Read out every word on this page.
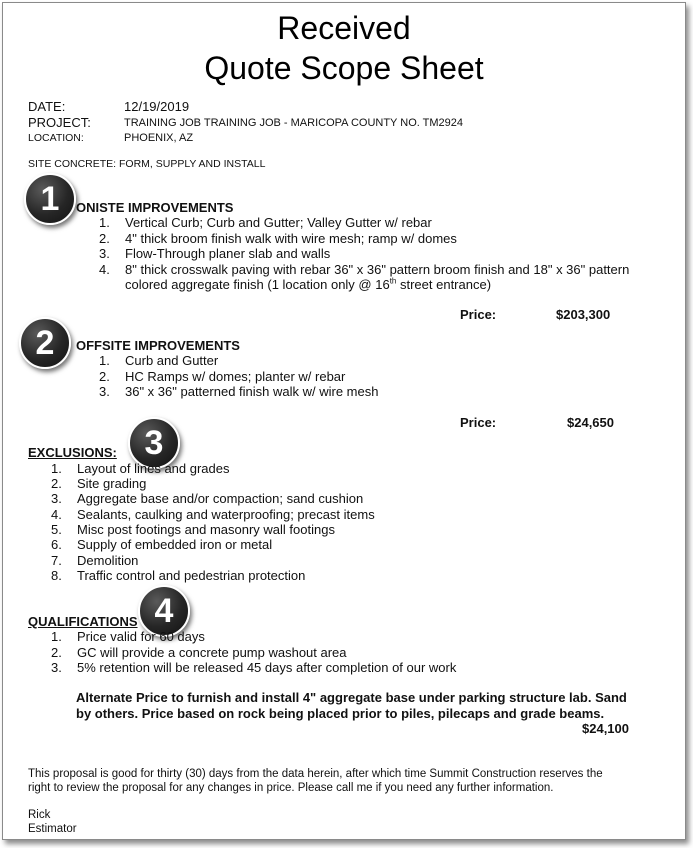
Received
Quote Scope Sheet
DATE:	12/19/2019
PROJECT:	TRAINING JOB TRAINING JOB - MARICOPA COUNTY NO. TM2924
LOCATION:	PHOENIX, AZ
SITE CONCRETE: FORM, SUPPLY AND INSTALL
1	ONISTE IMPROVEMENTS
1. Vertical Curb; Curb and Gutter; Valley Gutter w/ rebar
2. 4" thick broom finish walk with wire mesh; ramp w/ domes
3. Flow-Through planer slab and walls
4. 8" thick crosswalk paving with rebar 36" x 36" pattern broom finish and 18" x 36" pattern
colored aggregate finish (1 location only @ 16th street entrance)
Price:	$203,300
2	OFFSITE IMPROVEMENTS
1. Curb and Gutter
2. HC Ramps w/ domes; planter w/ rebar
3. 36" x 36" patterned finish walk w/ wire mesh
Price:	$24,650
EXCLUSIONS: 3
1. Layout of lines and grades
2. Site grading
3. Aggregate base and/or compaction; sand cushion
4. Sealants, caulking and waterproofing; precast items
5. Misc post footings and masonry wall footings
6. Supply of embedded iron or metal
7. Demolition
8. Traffic control and pedestrian protection
QUALIFICATIONS 4
1. Price valid for 60 days
2. GC will provide a concrete pump washout area
3. 5% retention will be released 45 days after completion of our work
Alternate Price to furnish and install 4" aggregate base under parking structure lab. Sand
by others. Price based on rock being placed prior to piles, pilecaps and grade beams.
$24,100
This proposal is good for thirty (30) days from the data herein, after which time Summit Construction reserves the
right to review the proposal for any changes in price. Please call me if you need any further information.
Rick
Estimator
